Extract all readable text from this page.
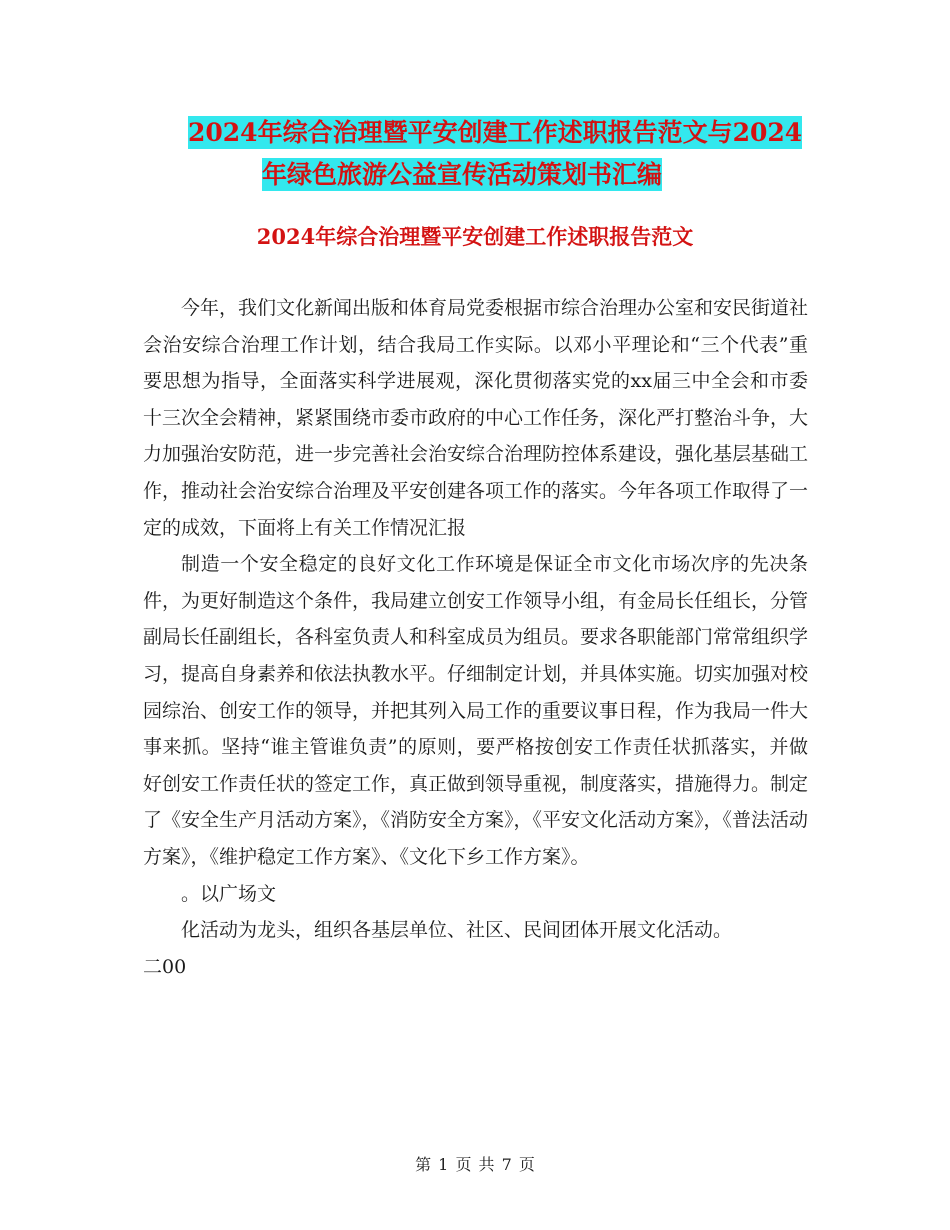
2024年综合治理暨平安创建工作述职报告范文与2024
年绿色旅游公益宣传活动策划书汇编
2024年综合治理暨平安创建工作述职报告范文

今年，我们文化新闻出版和体育局党委根据市综合治理办公室和安民街道社会治安综合治理工作计划，结合我局工作实际。以邓小平理论和“三个代表”重要思想为指导，全面落实科学进展观，深化贯彻落实党的xx届三中全会和市委十三次全会精神，紧紧围绕市委市政府的中心工作任务，深化严打整治斗争，大力加强治安防范，进一步完善社会治安综合治理防控体系建设，强化基层基础工作，推动社会治安综合治理及平安创建各项工作的落实。今年各项工作取得了一定的成效，下面将上有关工作情况汇报

制造一个安全稳定的良好文化工作环境是保证全市文化市场次序的先决条件，为更好制造这个条件，我局建立创安工作领导小组，有金局长任组长，分管副局长任副组长，各科室负责人和科室成员为组员。要求各职能部门常常组织学习，提高自身素养和依法执教水平。仔细制定计划，并具体实施。切实加强对校园综治、创安工作的领导，并把其列入局工作的重要议事日程，作为我局一件大事来抓。坚持“谁主管谁负责”的原则，要严格按创安工作责任状抓落实，并做好创安工作责任状的签定工作，真正做到领导重视，制度落实，措施得力。制定了《安全生产月活动方案》，《消防安全方案》，《平安文化活动方案》，《普法活动方案》，《维护稳定工作方案》、《文化下乡工作方案》。

。以广场文

化活动为龙头，组织各基层单位、社区、民间团体开展文化活动。

二00

第 1 页 共 7 页
